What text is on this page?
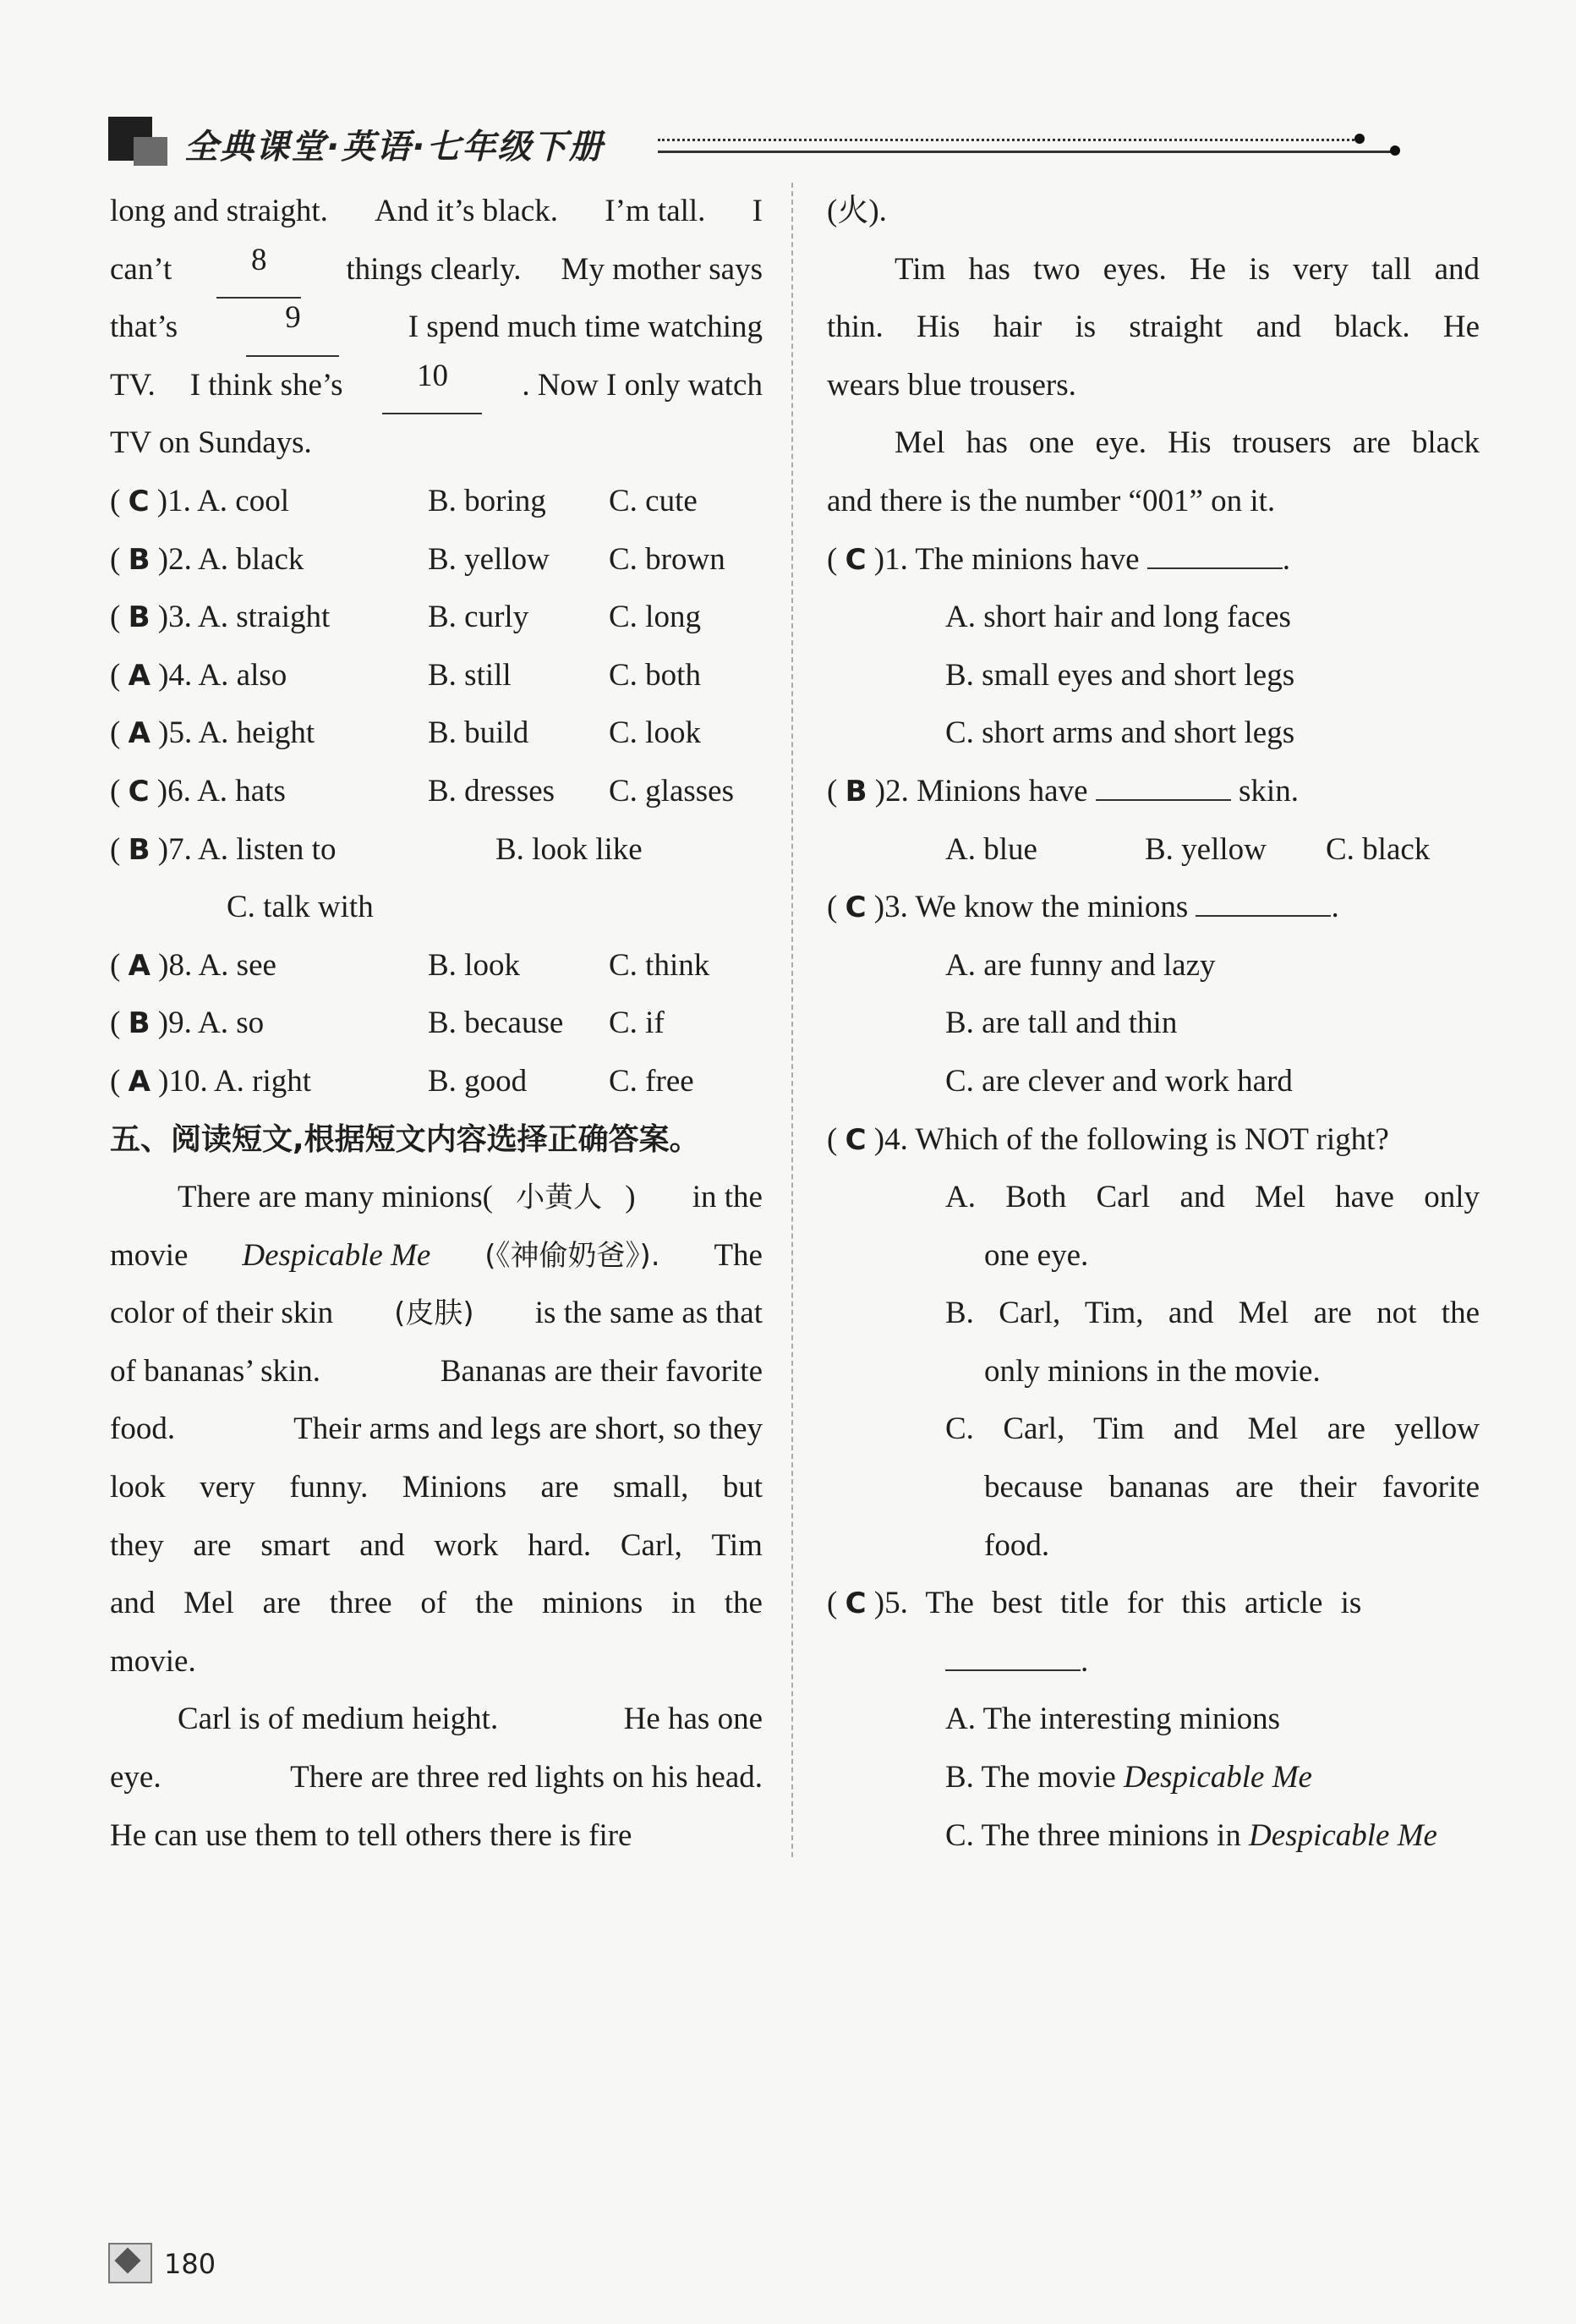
全典课堂·英语·七年级下册
long and straight. And it’s black. I’m tall. I
can’t	8	things clearly. My mother says
that’s	9	I spend much time watching
TV. I think she’s	10	. Now I only watch
TV on Sundays.
( C )1. A. cool	B. boring C. cute
( B )2. A. black	B. yellow C. brown
( B )3. A. straight	B. curly	C. long
( A )4. A. also	B. still	C. both
( A )5. A. height	B. build	C. look
( C )6. A. hats	B. dresses C. glasses
( B )7. A. listen to	B. look like
C. talk with
( A )8. A. see	B. look	C. think
( B )9. A. so	B. because C. if
( A )10. A. right	B. good	C. free
五、阅读短文,根据短文内容选择正确答案。
There are many minions( 小黄人 ) in the
movie Despicable Me (《神偷奶爸》). The
color of their skin (皮肤) is the same as that
of bananas’ skin.	Bananas are their favorite
food.	Their arms and legs are short, so they
look very funny. Minions are small, but
they are smart and work hard. Carl, Tim
and Mel are three of the minions in the
movie.
Carl is of medium height.	He has one
eye.	There are three red lights on his head.
He can use them to tell others there is fire
(火).
Tim has two eyes. He is very tall and
thin. His hair is straight and black. He
wears blue trousers.
Mel has one eye. His trousers are black
and there is the number “001” on it.
( C )1. The minions have	.
A. short hair and long faces
B. small eyes and short legs
C. short arms and short legs
( B )2. Minions have	skin.
A. blue	B. yellow C. black
( C )3. We know the minions	.
A. are funny and lazy
B. are tall and thin
C. are clever and work hard
( C )4. Which of the following is NOT right?
A. Both Carl and Mel have only
one eye.
B. Carl, Tim, and Mel are not the
only minions in the movie.
C. Carl, Tim and Mel are yellow
because bananas are their favorite
food.
( C )5. The best title for this article is
.
A. The interesting minions
B. The movie Despicable Me
C. The three minions in Despicable Me
180
